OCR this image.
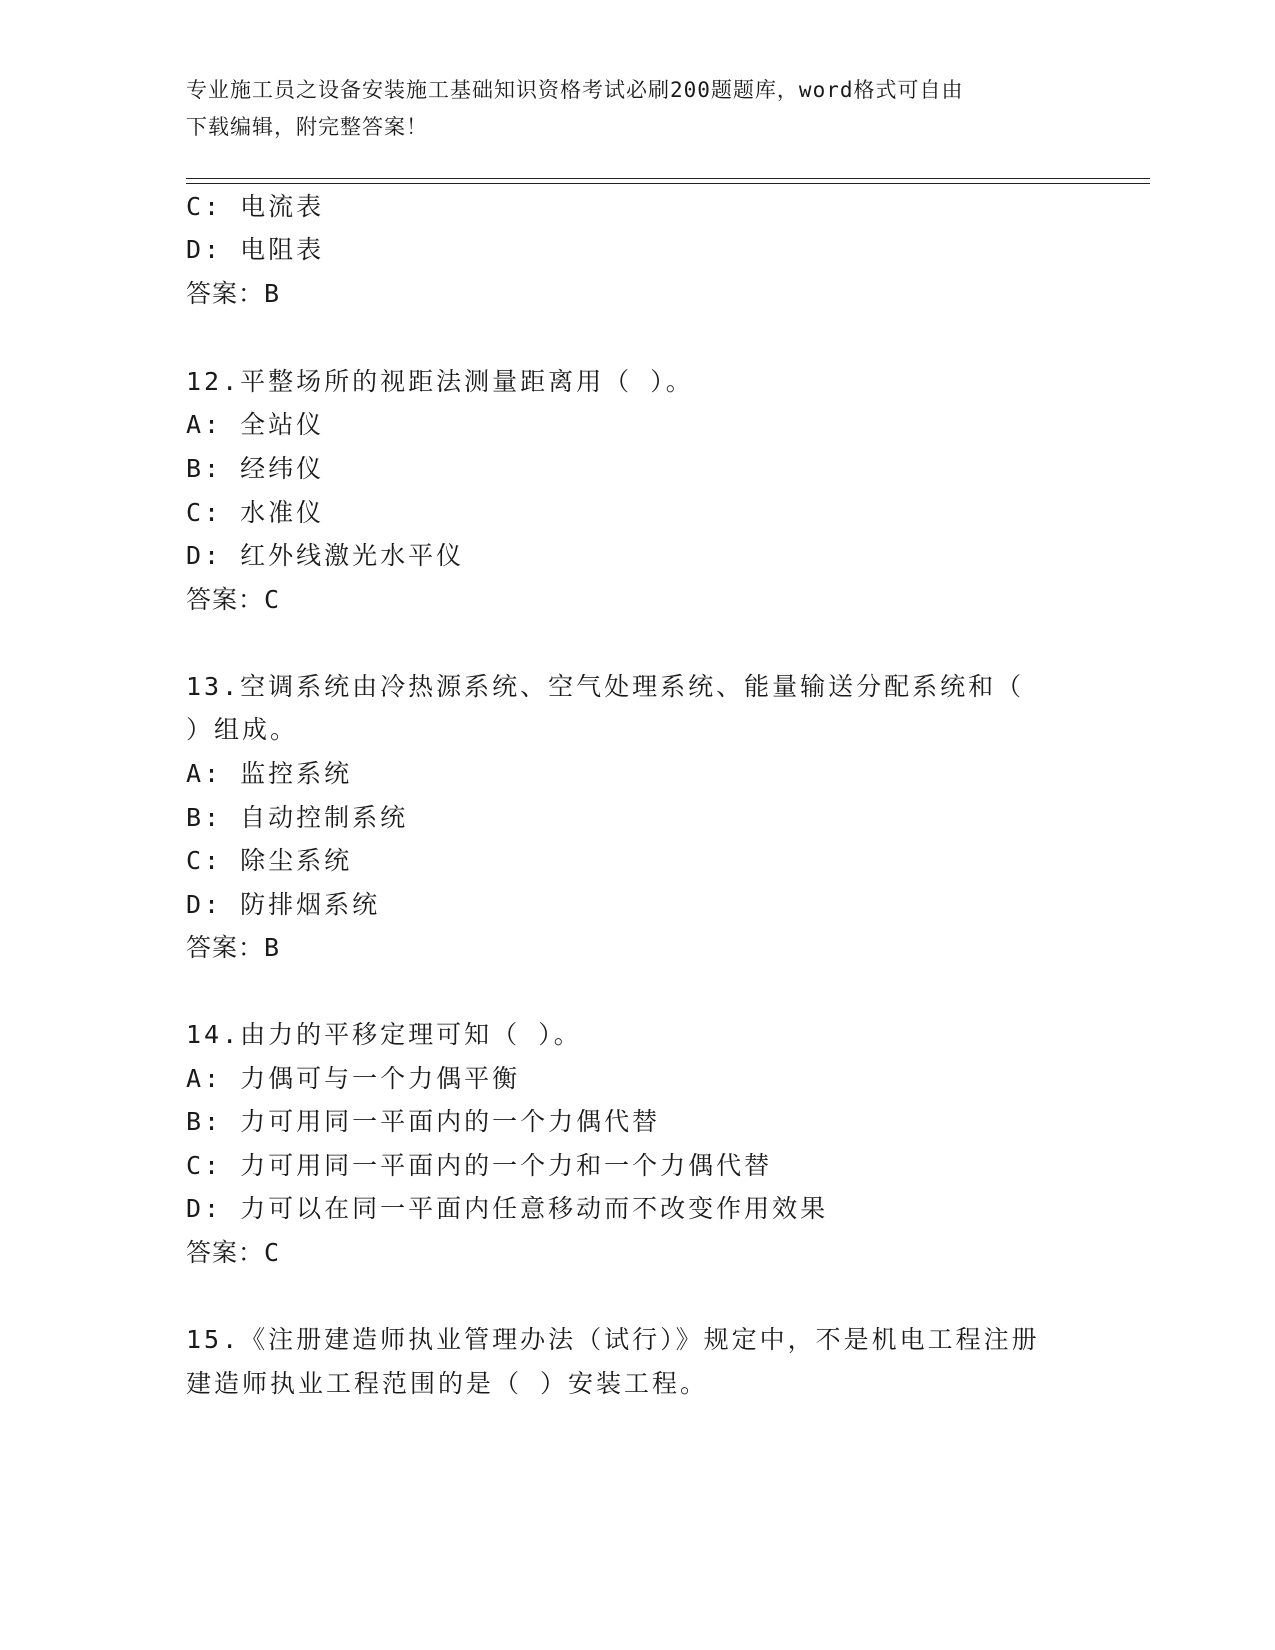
专业施工员之设备安装施工基础知识资格考试必刷200题题库，word格式可自由
下载编辑，附完整答案！
C: 电流表
D: 电阻表
答案：B
12.平整场所的视距法测量距离用（ ）。
A: 全站仪
B: 经纬仪
C: 水准仪
D: 红外线激光水平仪
答案：C
13.空调系统由冷热源系统、空气处理系统、能量输送分配系统和（
）组成。
A: 监控系统
B: 自动控制系统
C: 除尘系统
D: 防排烟系统
答案：B
14.由力的平移定理可知（ ）。
A: 力偶可与一个力偶平衡
B: 力可用同一平面内的一个力偶代替
C: 力可用同一平面内的一个力和一个力偶代替
D: 力可以在同一平面内任意移动而不改变作用效果
答案：C
15.《注册建造师执业管理办法（试行）》规定中，不是机电工程注册
建造师执业工程范围的是（ ）安装工程。
